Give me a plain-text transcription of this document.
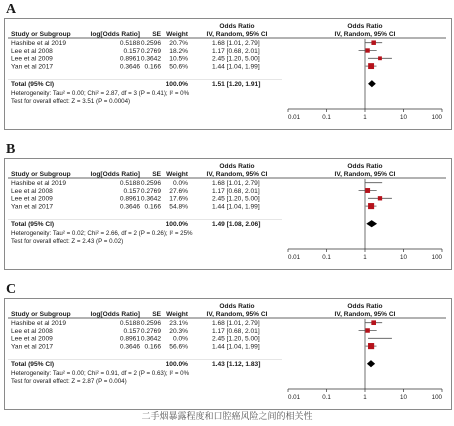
A
Odds Ratio	Odds Ratio
Study or Subgroup	log[Odds Ratio] SE Weight	IV, Random, 95% CI	IV, Random, 95% CI
Hashibe et al 2019	0.5188 0.2596 20.7%	1.68 [1.01, 2.79]
Lee et al 2008	0.157 0.2769 18.2%	1.17 [0.68, 2.01]
Lee et al 2009	0.8961 0.3642 10.5%	2.45 [1.20, 5.00]
Yan et al 2017	0.3646 0.166 50.6%	1.44 [1.04, 1.99]
Total (95% CI)	100.0%	1.51 [1.20, 1.91]
Heterogeneity: Tau² = 0.00; Chi² = 2.87, df = 3 (P = 0.41); I² = 0%
Test for overall effect: Z = 3.51 (P = 0.0004)
0.01	0.1	1	10	100
B
Odds Ratio	Odds Ratio
Study or Subgroup	log[Odds Ratio] SE Weight	IV, Random, 95% CI	IV, Random, 95% CI
Hashibe et al 2019	0.5188 0.2596 0.0%	1.68 [1.01, 2.79]
Lee et al 2008	0.157 0.2769 27.6%	1.17 [0.68, 2.01]
Lee et al 2009	0.8961 0.3642 17.6%	2.45 [1.20, 5.00]
Yan et al 2017	0.3646 0.166 54.8%	1.44 [1.04, 1.99]
Total (95% CI)	100.0%	1.49 [1.08, 2.06]
Heterogeneity: Tau² = 0.02; Chi² = 2.66, df = 2 (P = 0.26); I² = 25%
Test for overall effect: Z = 2.43 (P = 0.02)
0.01	0.1	1	10	100
C
Odds Ratio	Odds Ratio
Study or Subgroup	log[Odds Ratio] SE Weight	IV, Random, 95% CI	IV, Random, 95% CI
Hashibe et al 2019	0.5188 0.2596 23.1%	1.68 [1.01, 2.79]
Lee et al 2008	0.157 0.2769 20.3%	1.17 [0.68, 2.01]
Lee et al 2009	0.8961 0.3642 0.0%	2.45 [1.20, 5.00]
Yan et al 2017	0.3646 0.166 56.6%	1.44 [1.04, 1.99]
Total (95% CI)	100.0%	1.43 [1.12, 1.83]
Heterogeneity: Tau² = 0.00; Chi² = 0.91, df = 2 (P = 0.63); I² = 0%
Test for overall effect: Z = 2.87 (P = 0.004)
0.01	0.1	1	10	100
二手烟暴露程度和口腔癌风险之间的相关性
